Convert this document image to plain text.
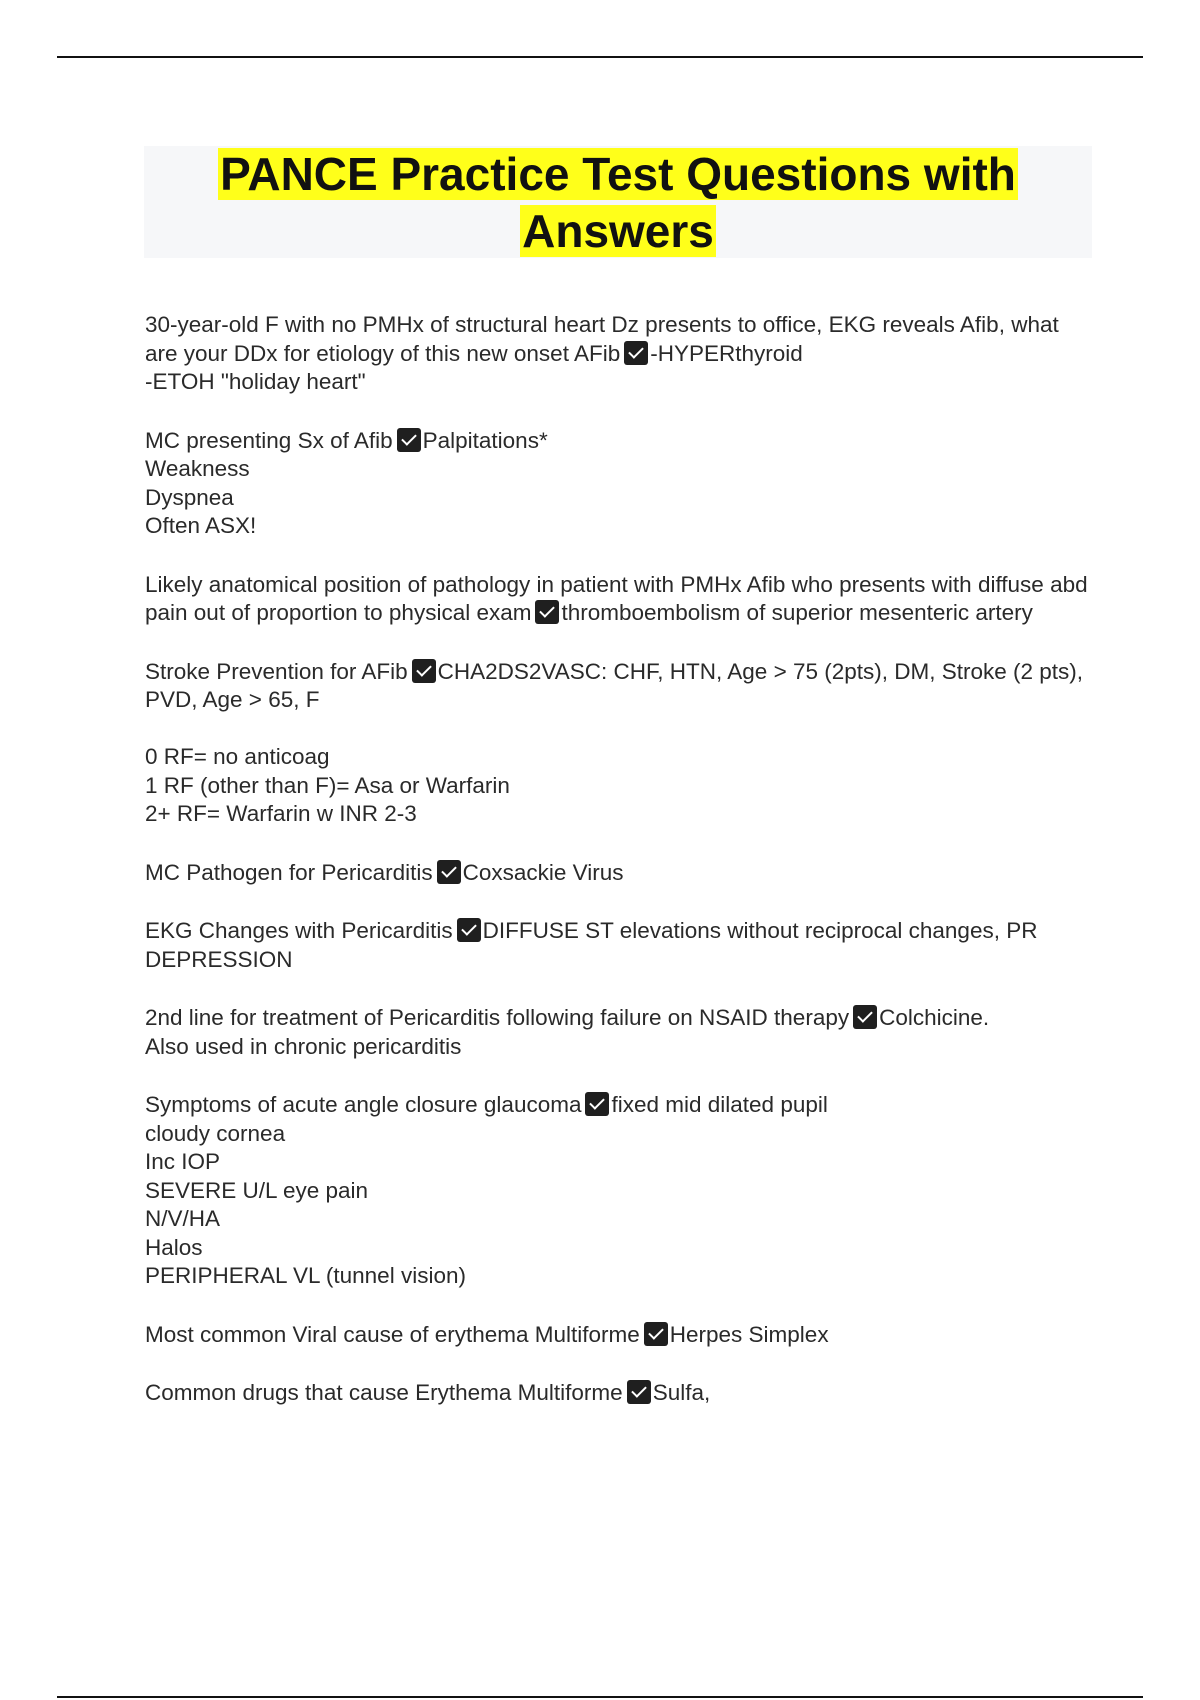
PANCE Practice Test Questions with Answers
30-year-old F with no PMHx of structural heart Dz presents to office, EKG reveals Afib, what are your DDx for etiology of this new onset AFib -HYPERthyroid
-ETOH "holiday heart"
MC presenting Sx of Afib Palpitations*
Weakness
Dyspnea
Often ASX!
Likely anatomical position of pathology in patient with PMHx Afib who presents with diffuse abd pain out of proportion to physical exam thromboembolism of superior mesenteric artery
Stroke Prevention for AFib CHA2DS2VASC: CHF, HTN, Age > 75 (2pts), DM, Stroke (2 pts), PVD, Age > 65, F

0 RF= no anticoag
1 RF (other than F)= Asa or Warfarin
2+ RF= Warfarin w INR 2-3
MC Pathogen for Pericarditis Coxsackie Virus
EKG Changes with Pericarditis DIFFUSE ST elevations without reciprocal changes, PR DEPRESSION
2nd line for treatment of Pericarditis following failure on NSAID therapy Colchicine.
Also used in chronic pericarditis
Symptoms of acute angle closure glaucoma fixed mid dilated pupil
cloudy cornea
Inc IOP
SEVERE U/L eye pain
N/V/HA
Halos
PERIPHERAL VL (tunnel vision)
Most common Viral cause of erythema Multiforme Herpes Simplex
Common drugs that cause Erythema Multiforme Sulfa,
